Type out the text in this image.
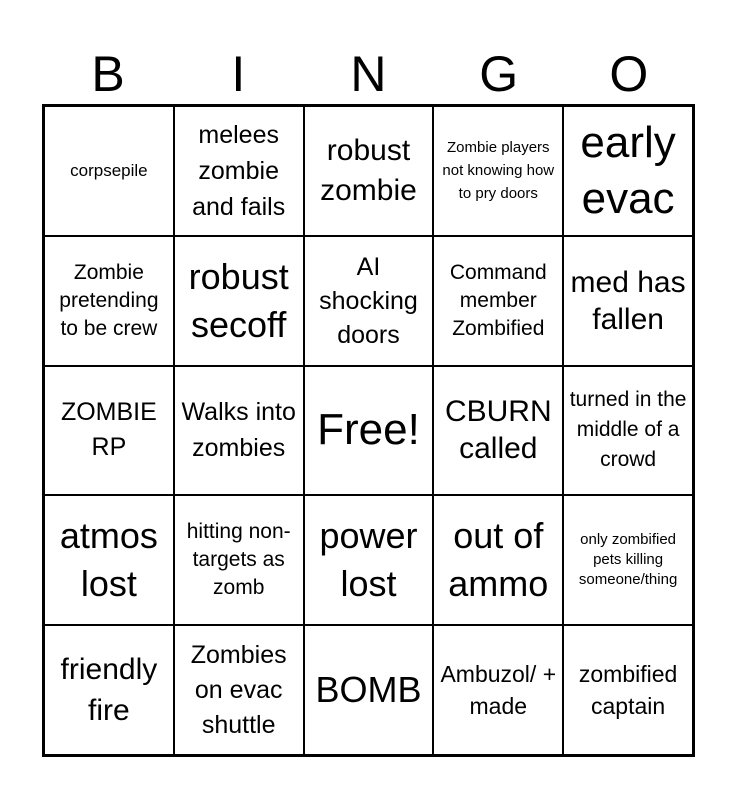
B	I	N	G	O
corpsepile
melees zombie and fails
robust zombie
Zombie players not knowing how to pry doors
early evac
Zombie pretending to be crew
robust secoff
AI shocking doors
Command member Zombified
med has fallen
ZOMBIE RP
Walks into zombies Free! CBURN called
turned in the middle of a crowd
atmos lost
hitting non-targets as zomb
power lost
out of ammo
only zombified pets killing someone/thing
friendly fire
Zombies on evac shuttle
BOMB Ambuzol/ + made
zombified captain
